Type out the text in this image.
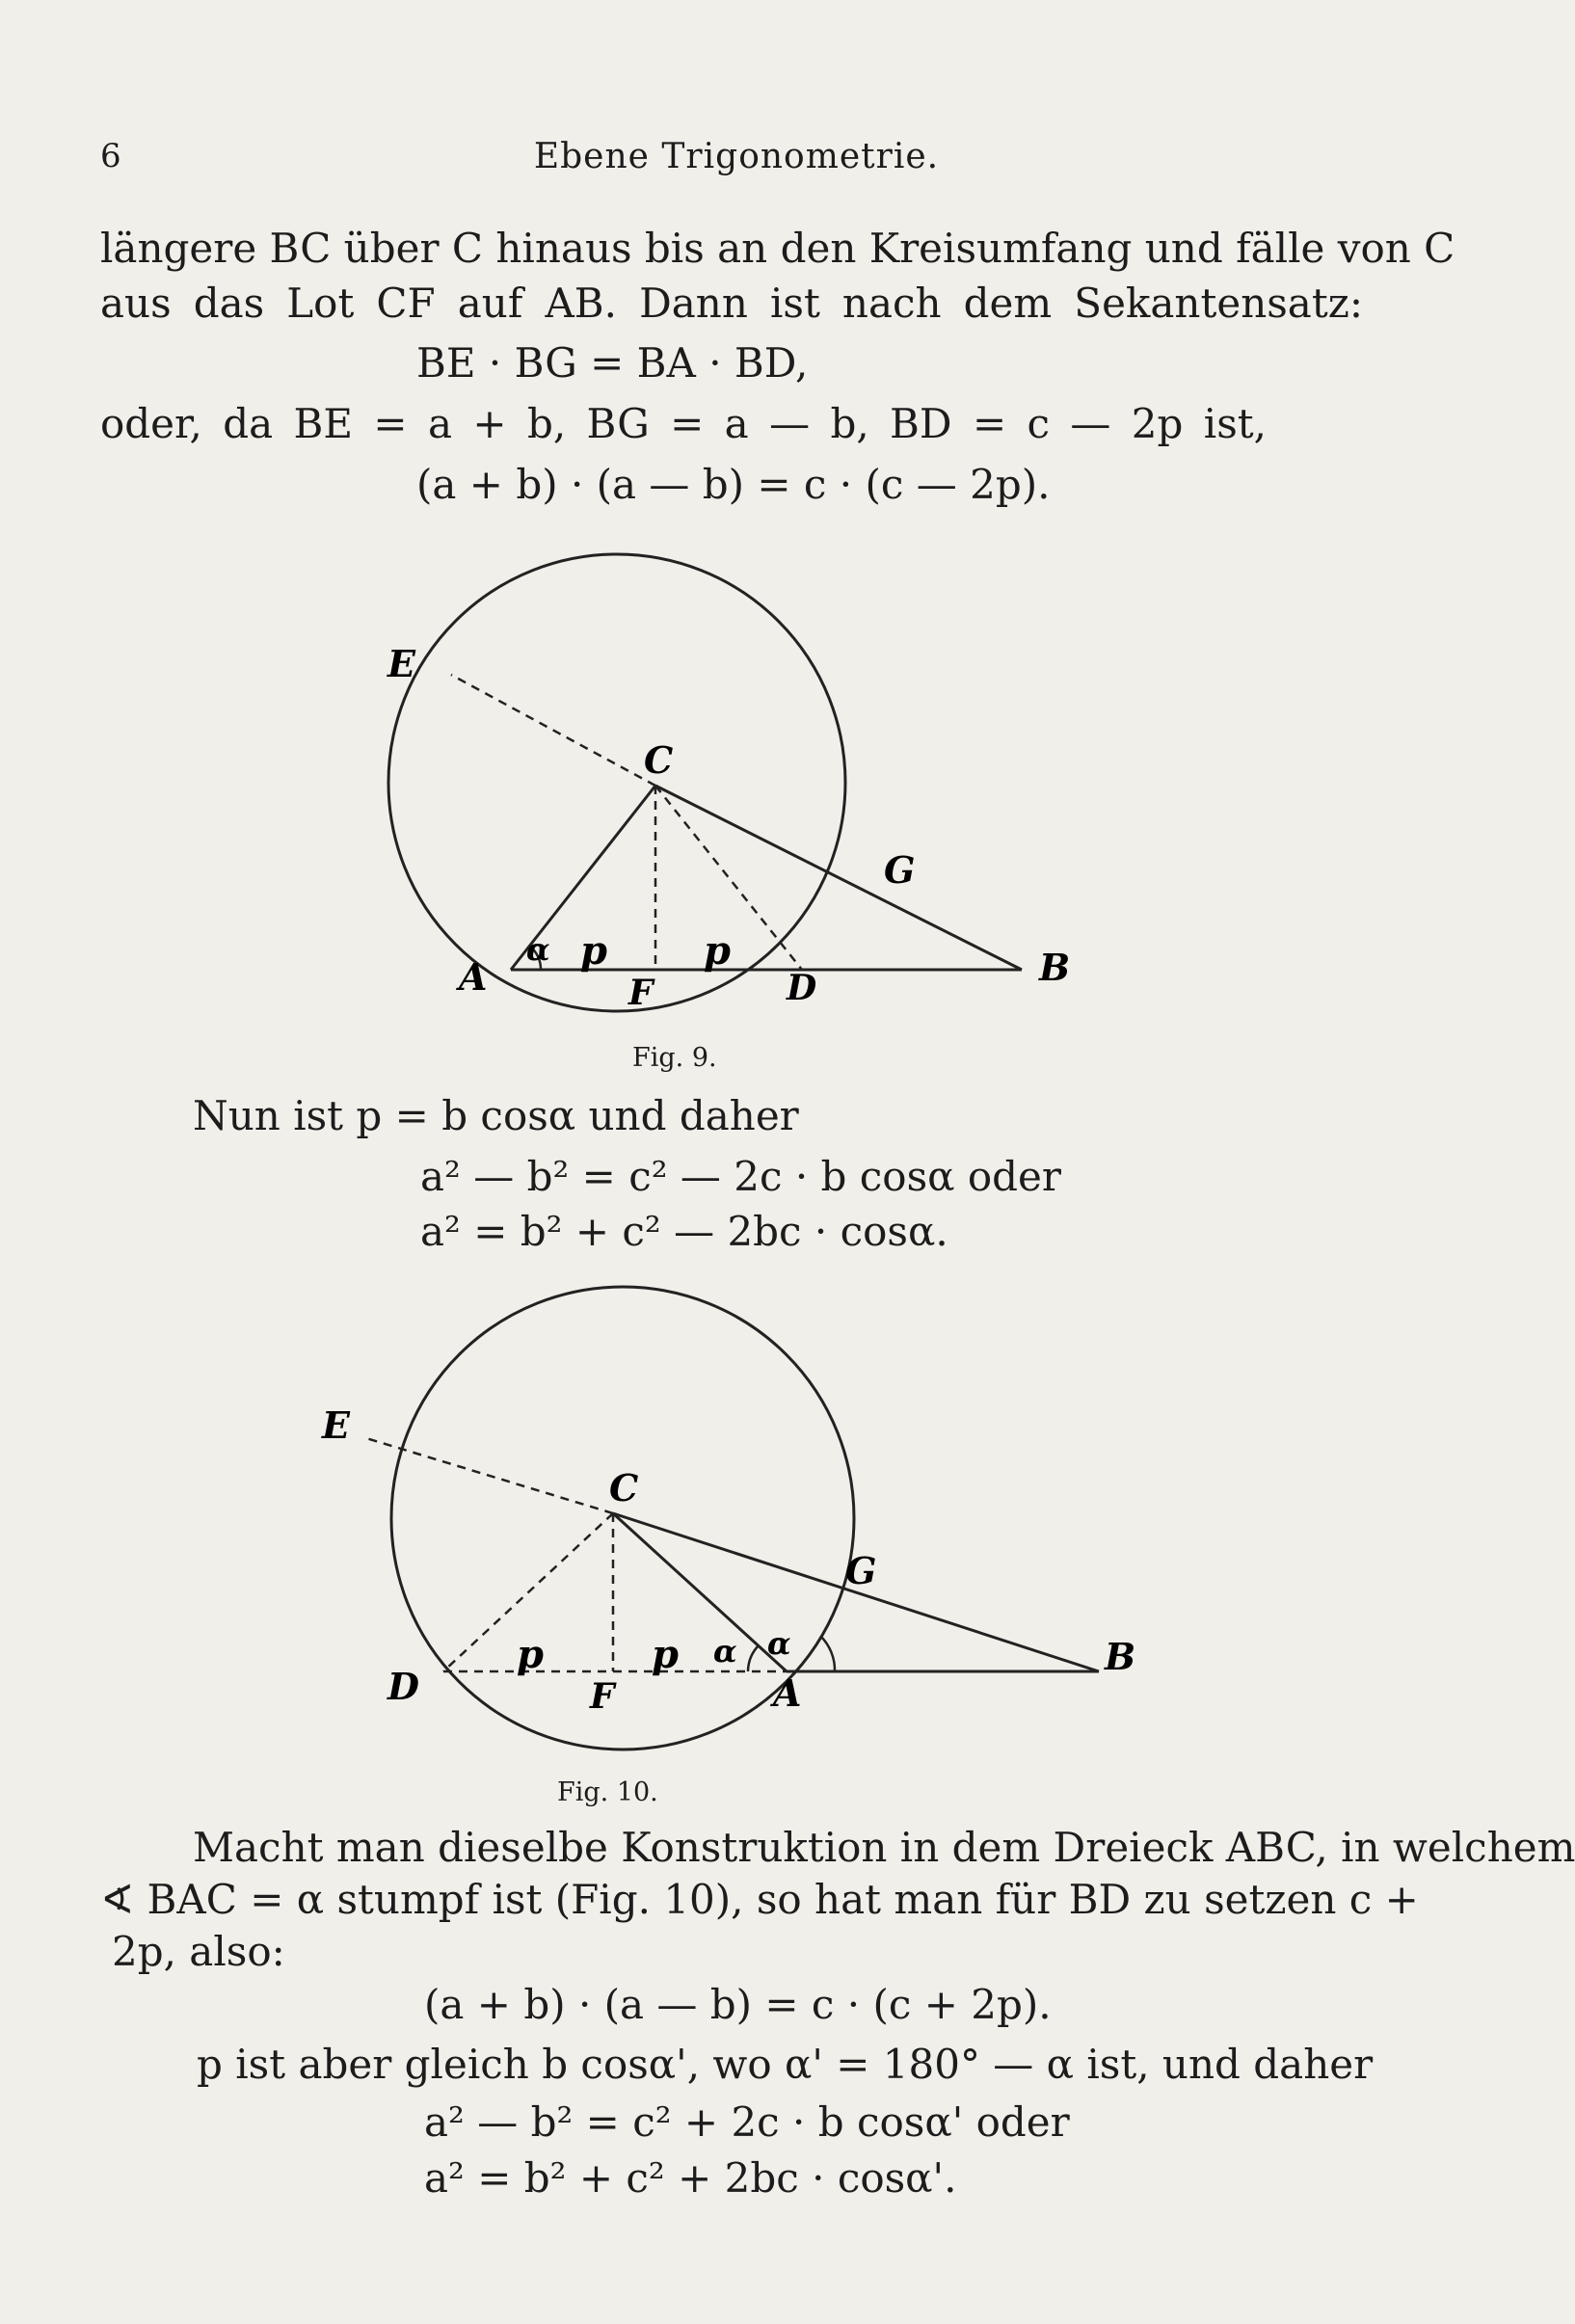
6	Ebene Trigonometrie.
längere BC über C hinaus bis an den Kreisumfang und fälle von C
aus das Lot CF auf AB. Dann ist nach dem Sekantensatz:
BE · BG = BA · BD,
oder, da BE = a + b, BG = a — b, BD = c — 2p ist,
(a + b) · (a — b) = c · (c — 2p).
E
C
G
A	F	D	B
α p	p
Fig. 9.
Nun ist p = b cosα und daher
a² — b² = c² — 2c · b cosα oder
a² = b² + c² — 2bc · cosα.
E
C
G
D	F	A
B
α α
p	p
Fig. 10.
Macht man dieselbe Konstruktion in dem Dreieck ABC, in welchem
∢ BAC = α stumpf ist (Fig. 10), so hat man für BD zu setzen c +
2p, also:
(a + b) · (a — b) = c · (c + 2p).
p ist aber gleich b cosα', wo α' = 180° — α ist, und daher
a² — b² = c² + 2c · b cosα' oder
a² = b² + c² + 2bc · cosα'.
